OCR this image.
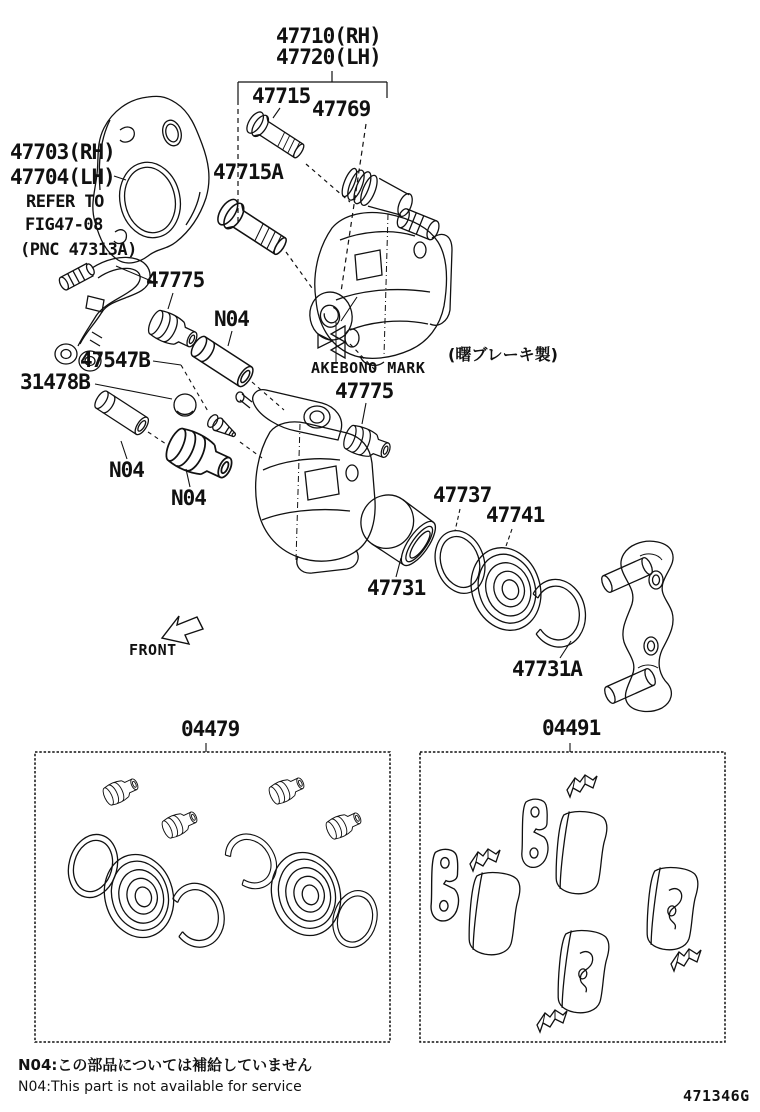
47710(RH)
47720(LH)
47715
47769
47703(RH)
47704(LH)
REFER TO
FIG47-08
(PNC 47313A)
47715A
47775
N04
47547B
31478B
N04
N04
47775
47731
47737
47741
47731A
AKEBONO MARK
(曙ブレーキ製)
FRONT
04479	04491
N04:この部品については補給していません
N04:This part is not available for service	471346G
